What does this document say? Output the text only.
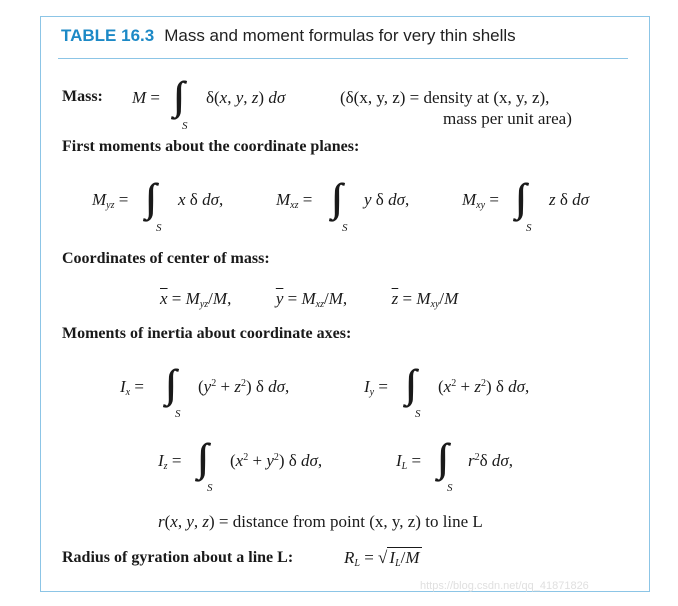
TABLE 16.3 Mass and moment formulas for very thin shells
Mass: M =
S
δ(x, y, z) dσ	(δ(x, y, z) = density at (x, y, z),
mass per unit area)
First moments about the coordinate planes:
$M_{yz}$ =
S
x δ dσ,	$M_{xz}$ =
S
y δ dσ,	$M_{xy}$ =
S
z δ dσ
Coordinates of center of mass:
$\overline{x} = M_{yz}/M$,  $\overline{y} = M_{xz}/M$,  $\overline{z} = M_{xy}/M$
Moments of inertia about coordinate axes:
$I_x$ =
S
$(y^2 + z^2)$ δ dσ,	$I_y$ =
S
$(x^2 + z^2)$ δ dσ,
$I_z$ =
S
$(x^2 + y^2)$ δ dσ,	$I_L$ =
S
$r^2\delta$ dσ,
r(x, y, z) = distance from point (x, y, z) to line L
Radius of gyration about a line L:	$R_L$ = √ $I_L/M$
https://blog.csdn.net/qq_41871826
